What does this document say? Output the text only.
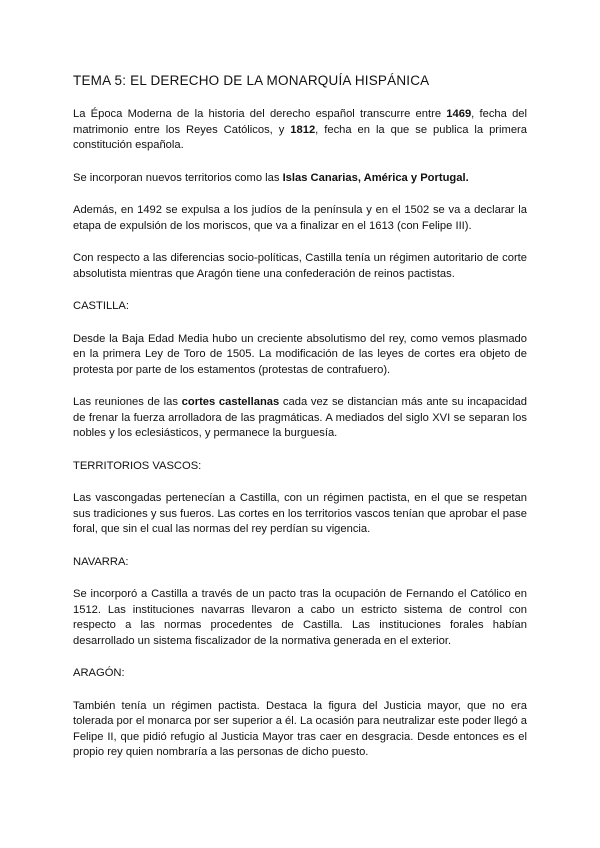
TEMA 5: EL DERECHO DE LA MONARQUÍA HISPÁNICA

La Época Moderna de la historia del derecho español transcurre entre 1469, fecha del matrimonio entre los Reyes Católicos, y 1812, fecha en la que se publica la primera constitución española.

Se incorporan nuevos territorios como las Islas Canarias, América y Portugal.

Además, en 1492 se expulsa a los judíos de la península y en el 1502 se va a declarar la etapa de expulsión de los moriscos, que va a finalizar en el 1613 (con Felipe III).

Con respecto a las diferencias socio-políticas, Castilla tenía un régimen autoritario de corte absolutista mientras que Aragón tiene una confederación de reinos pactistas.

CASTILLA:

Desde la Baja Edad Media hubo un creciente absolutismo del rey, como vemos plasmado en la primera Ley de Toro de 1505. La modificación de las leyes de cortes era objeto de protesta por parte de los estamentos (protestas de contrafuero).

Las reuniones de las cortes castellanas cada vez se distancian más ante su incapacidad de frenar la fuerza arrolladora de las pragmáticas. A mediados del siglo XVI se separan los nobles y los eclesiásticos, y permanece la burguesía.

TERRITORIOS VASCOS:

Las vascongadas pertenecían a Castilla, con un régimen pactista, en el que se respetan sus tradiciones y sus fueros. Las cortes en los territorios vascos tenían que aprobar el pase foral, que sin el cual las normas del rey perdían su vigencia.

NAVARRA:

Se incorporó a Castilla a través de un pacto tras la ocupación de Fernando el Católico en 1512. Las instituciones navarras llevaron a cabo un estricto sistema de control con respecto a las normas procedentes de Castilla. Las instituciones forales habían desarrollado un sistema fiscalizador de la normativa generada en el exterior.

ARAGÓN:

También tenía un régimen pactista. Destaca la figura del Justicia mayor, que no era tolerada por el monarca por ser superior a él. La ocasión para neutralizar este poder llegó a Felipe II, que pidió refugio al Justicia Mayor tras caer en desgracia. Desde entonces es el propio rey quien nombraría a las personas de dicho puesto.
